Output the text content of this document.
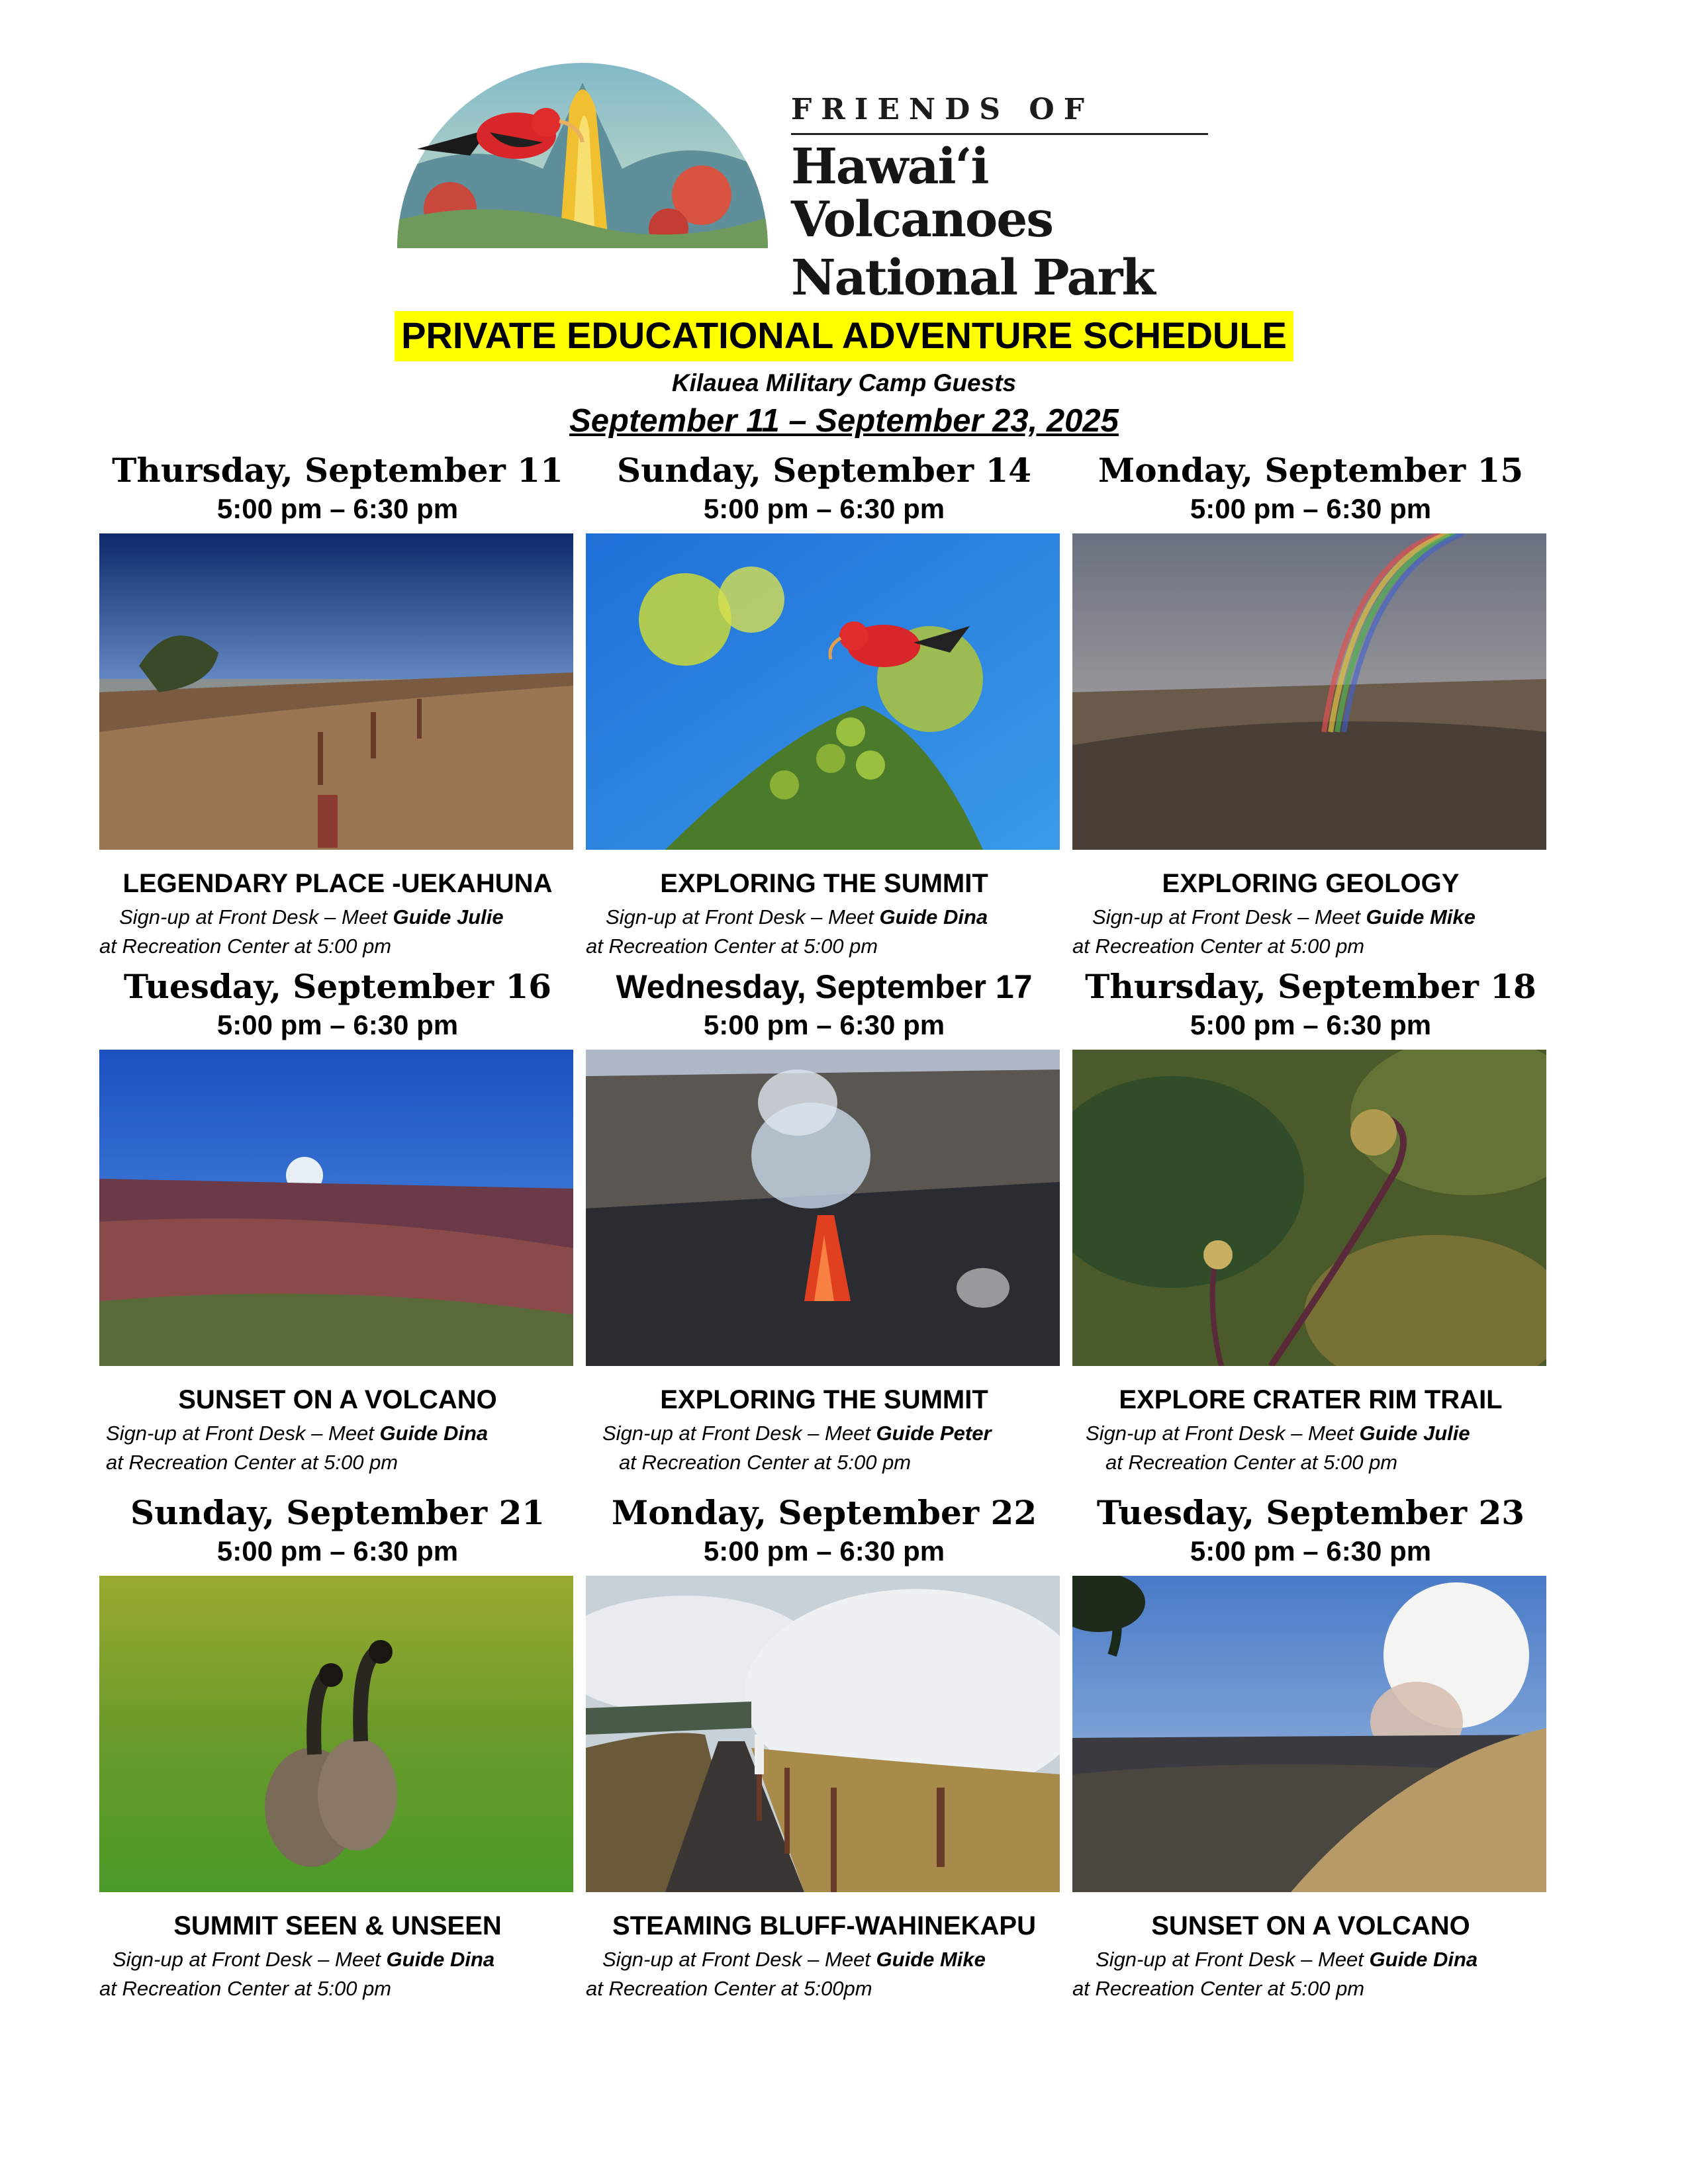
FRIENDS OF
Hawaiʻi Volcanoes
National Park
PRIVATE EDUCATIONAL ADVENTURE SCHEDULE
Kilauea Military Camp Guests
September 11 – September 23, 2025
Thursday, September 11
5:00 pm – 6:30 pm
LEGENDARY PLACE -UEKAHUNA
Sign-up at Front Desk – Meet Guide Julie
at Recreation Center at 5:00 pm
Sunday, September 14
5:00 pm – 6:30 pm
EXPLORING THE SUMMIT
Sign-up at Front Desk – Meet Guide Dina
at Recreation Center at 5:00 pm
Monday, September 15
5:00 pm – 6:30 pm
EXPLORING GEOLOGY
Sign-up at Front Desk – Meet Guide Mike
at Recreation Center at 5:00 pm
Tuesday, September 16
5:00 pm – 6:30 pm
SUNSET ON A VOLCANO
Sign-up at Front Desk – Meet Guide Dina
at Recreation Center at 5:00 pm
Wednesday, September 17
5:00 pm – 6:30 pm
EXPLORING THE SUMMIT
Sign-up at Front Desk – Meet Guide Peter
at Recreation Center at 5:00 pm
Thursday, September 18
5:00 pm – 6:30 pm
EXPLORE CRATER RIM TRAIL
Sign-up at Front Desk – Meet Guide Julie
at Recreation Center at 5:00 pm
Sunday, September 21
5:00 pm – 6:30 pm
SUMMIT SEEN & UNSEEN
Sign-up at Front Desk – Meet Guide Dina
at Recreation Center at 5:00 pm
Monday, September 22
5:00 pm – 6:30 pm
STEAMING BLUFF-WAHINEKAPU
Sign-up at Front Desk – Meet Guide Mike
at Recreation Center at 5:00pm
Tuesday, September 23
5:00 pm – 6:30 pm
SUNSET ON A VOLCANO
Sign-up at Front Desk – Meet Guide Dina
at Recreation Center at 5:00 pm
